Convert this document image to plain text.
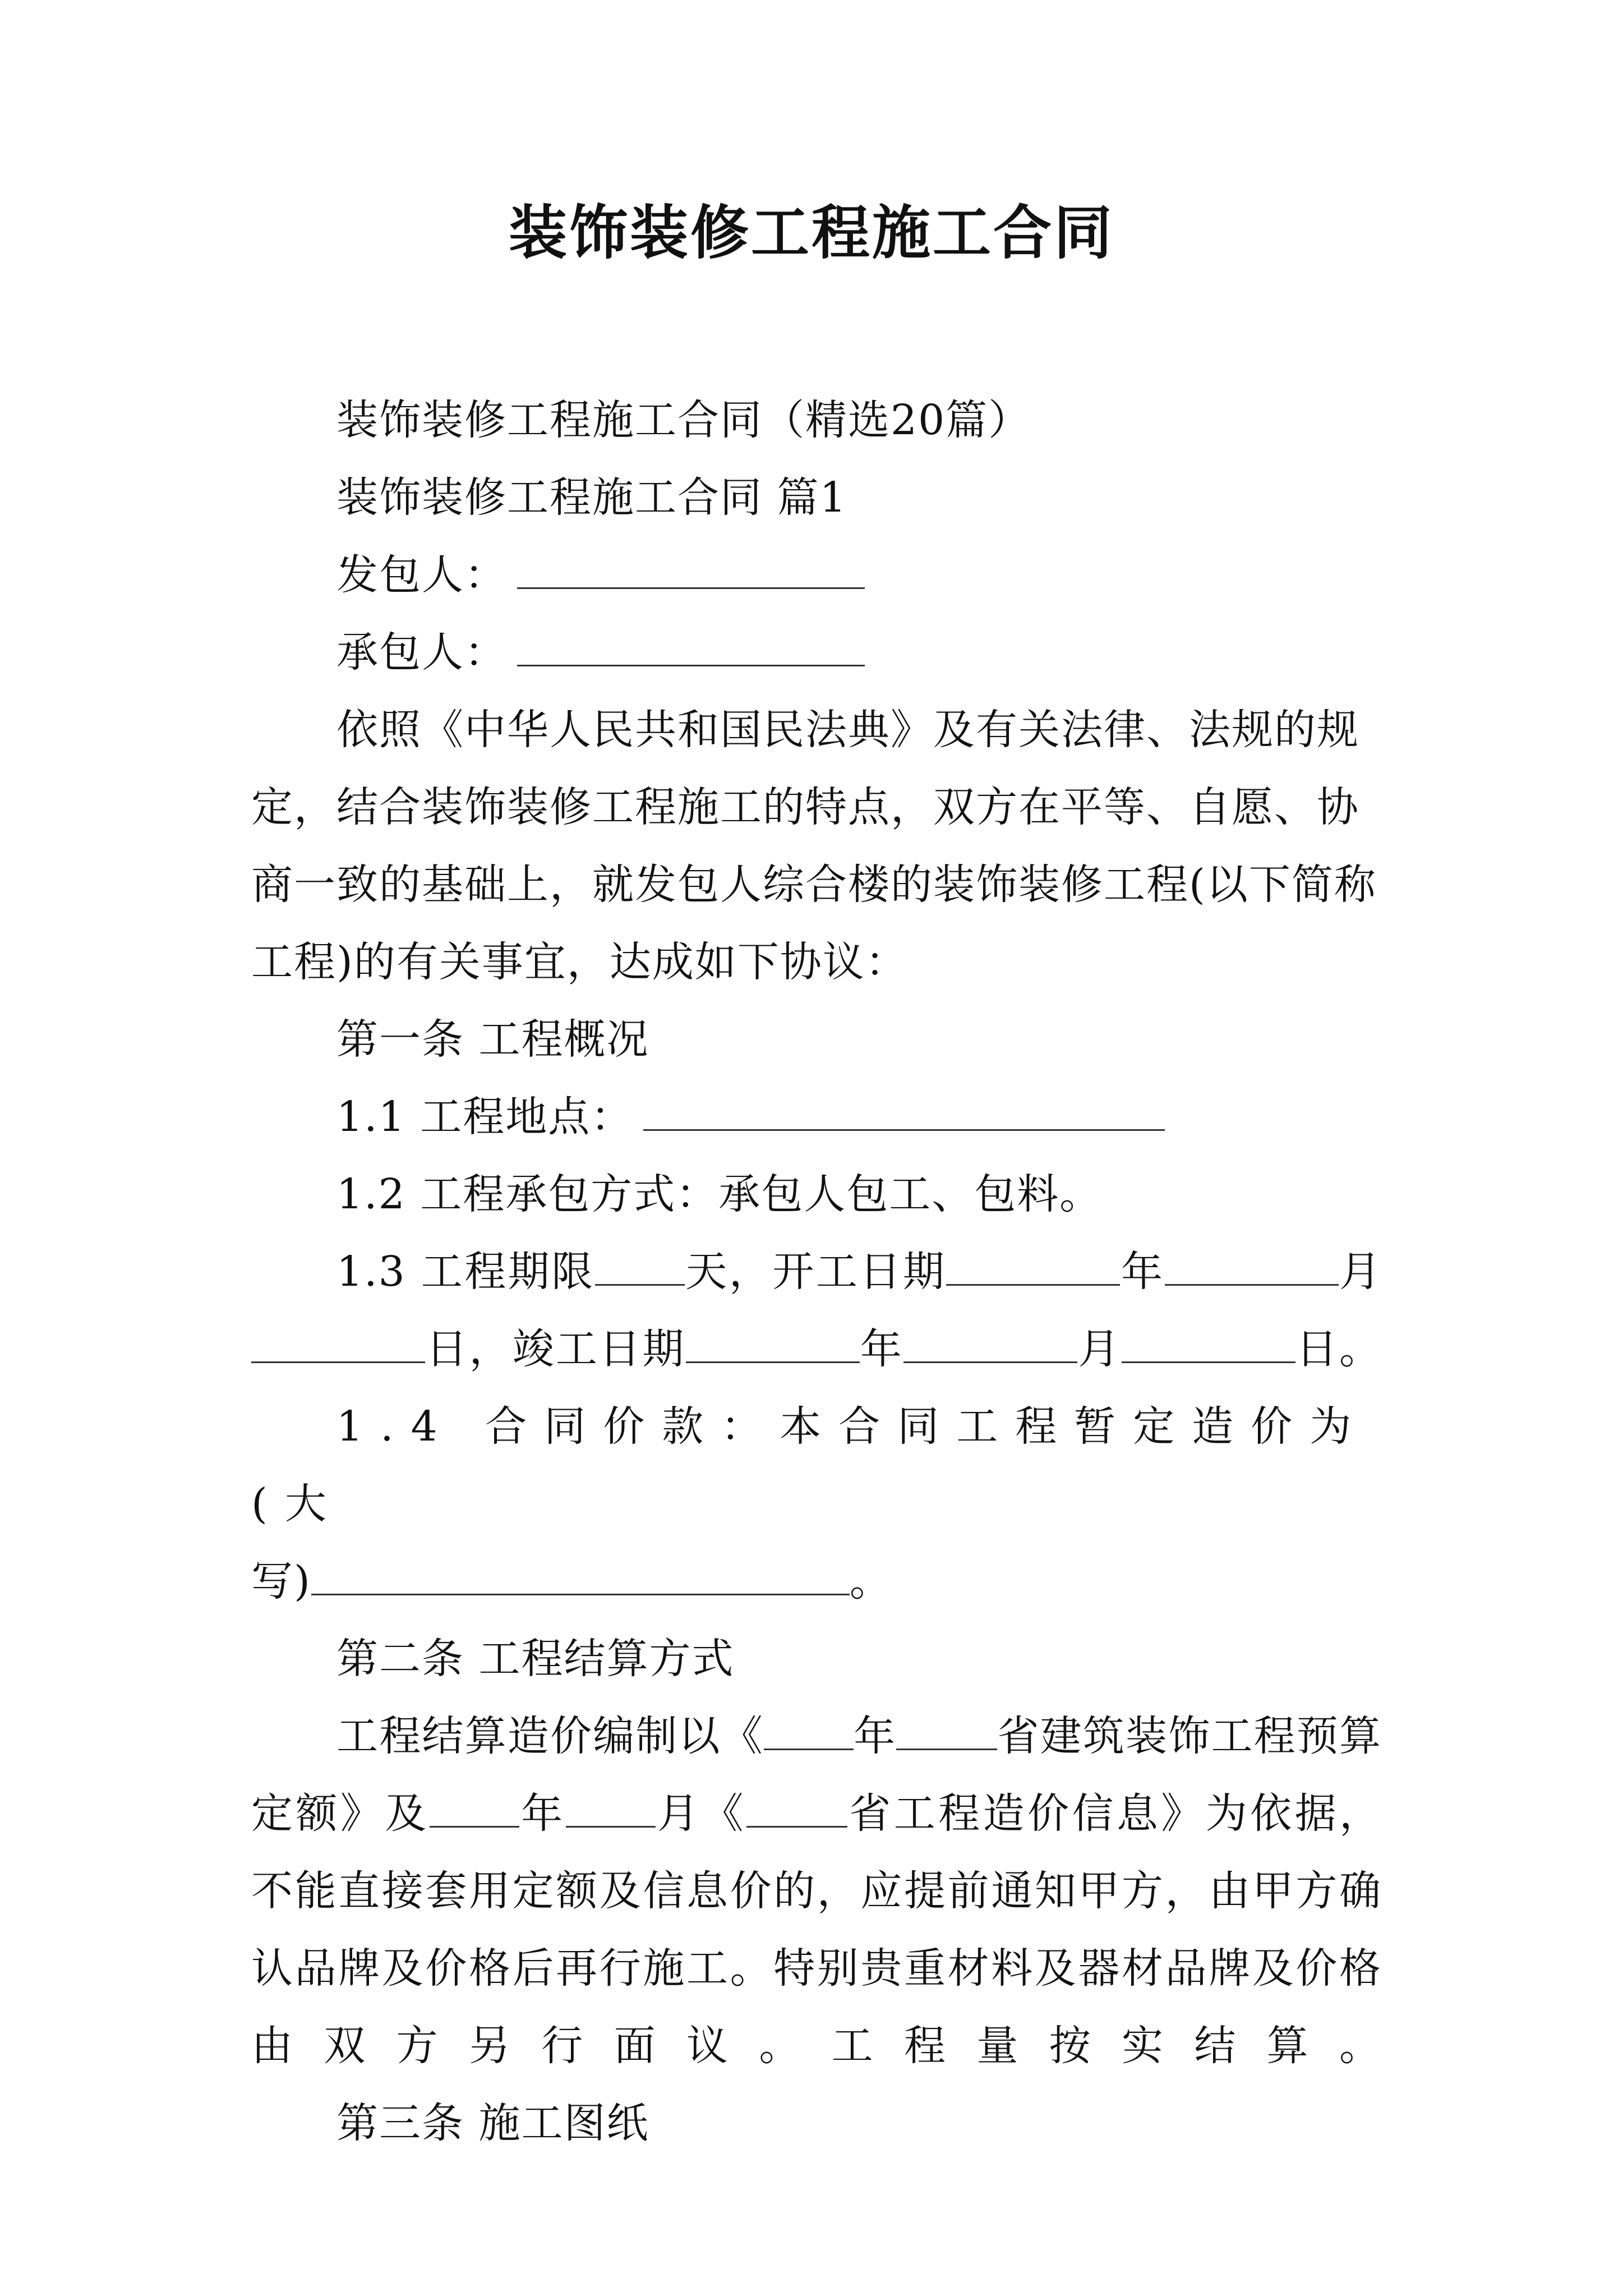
装饰装修工程施工合同

装饰装修工程施工合同（精选20篇）

装饰装修工程施工合同 篇1

发包人：

承包人：

依照《中华人民共和国民法典》及有关法律、法规的规定，结合装饰装修工程施工的特点，双方在平等、自愿、协商一致的基础上，就发包人综合楼的装饰装修工程(以下简称工程)的有关事宜，达成如下协议：

第一条 工程概况

1.1 工程地点：

1.2 工程承包方式：承包人包工、包料。

1.3 工程期限 天，开工日期	年	月

日，竣工日期	年	月	日。

1.4 合同价款：本合同工程暂定造价为(大

写)	。

第二条 工程结算方式

工程结算造价编制以《 年 省建筑装饰工程预算定额》及 年 月《 省工程造价信息》为依据，不能直接套用定额及信息价的，应提前通知甲方，由甲方确认品牌及价格后再行施工。特别贵重材料及器材品牌及价格由双方另行面议。工程量按实结算。

第三条 施工图纸
